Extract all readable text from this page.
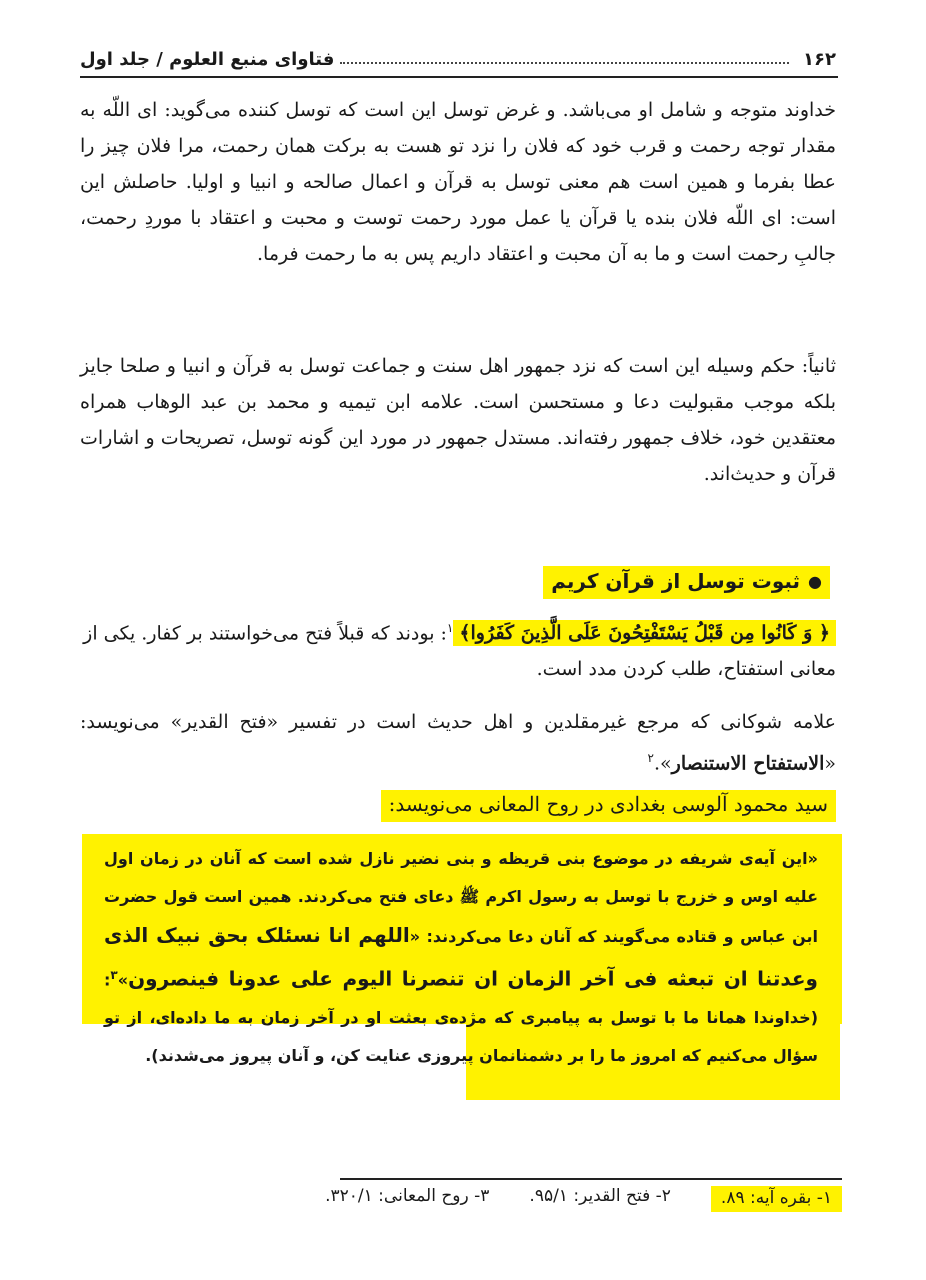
۱۶۲
فتاوای منبع العلوم / جلد اول
خداوند متوجه و شامل او می‌باشد. و غرض توسل این است که توسل کننده می‌گوید: ای اللّه به مقدار توجه رحمت و قرب خود که فلان را نزد تو هست به برکت همان رحمت، مرا فلان چیز را عطا بفرما و همین است هم معنی توسل به قرآن و اعمال صالحه و انبیا و اولیا. حاصلش این است: ای اللّه فلان بنده یا قرآن یا عمل مورد رحمت توست و محبت و اعتقاد با موردِ رحمت، جالبِ رحمت است و ما به آن محبت و اعتقاد داریم پس به ما رحمت فرما.
ثانیاً: حکم وسیله این است که نزد جمهور اهل سنت و جماعت توسل به قرآن و انبیا و صلحا جایز بلکه موجب مقبولیت دعا و مستحسن است. علامه ابن تیمیه و محمد بن عبد الوهاب همراه معتقدین خود، خلاف جمهور رفته‌اند. مستدل جمهور در مورد این گونه توسل، تصریحات و اشارات قرآن و حدیث‌اند.
●
ثبوت توسل از قرآن کریم
﴿ وَ كَانُوا مِن قَبْلُ يَسْتَفْتِحُونَ عَلَى الَّذِينَ كَفَرُوا﴾$^۱$: بودند که قبلاً فتح می‌خواستند بر کفار. یکی از معانی استفتاح، طلب کردن مدد است.
علامه شوکانی که مرجع غیرمقلدین و اهل حدیث است در تفسیر «فتح القدیر» می‌نویسد: «الاستفتاح الاستنصار».$^۲$
سید محمود آلوسی بغدادی در روح المعانی می‌نویسد:
«این آیه‌ی شریفه در موضوع بنی قریظه و بنی نضیر نازل شده است که آنان در زمان اول علیه اوس و خزرج با توسل به رسول اکرم ﷺ دعای فتح می‌کردند. همین است قول حضرت ابن عباس و قتاده می‌گویند که آنان دعا می‌کردند: «اللهم انا نسئلک بحق نبیک الذی وعدتنا ان تبعثه فی آخر الزمان ان تنصرنا الیوم علی عدونا فینصرون»$^۳$: (خداوندا همانا ما با توسل به پیامبری که مژده‌ی بعثت او در آخر زمان به ما داده‌ای، از تو سؤال می‌کنیم که امروز ما را بر دشمنانمان پیروزی عنایت کن، و آنان پیروز می‌شدند).
۱- بقره آیه: ۸۹.
۲- فتح القدیر: ۹۵/۱.
۳- روح المعانی: ۳۲۰/۱.
